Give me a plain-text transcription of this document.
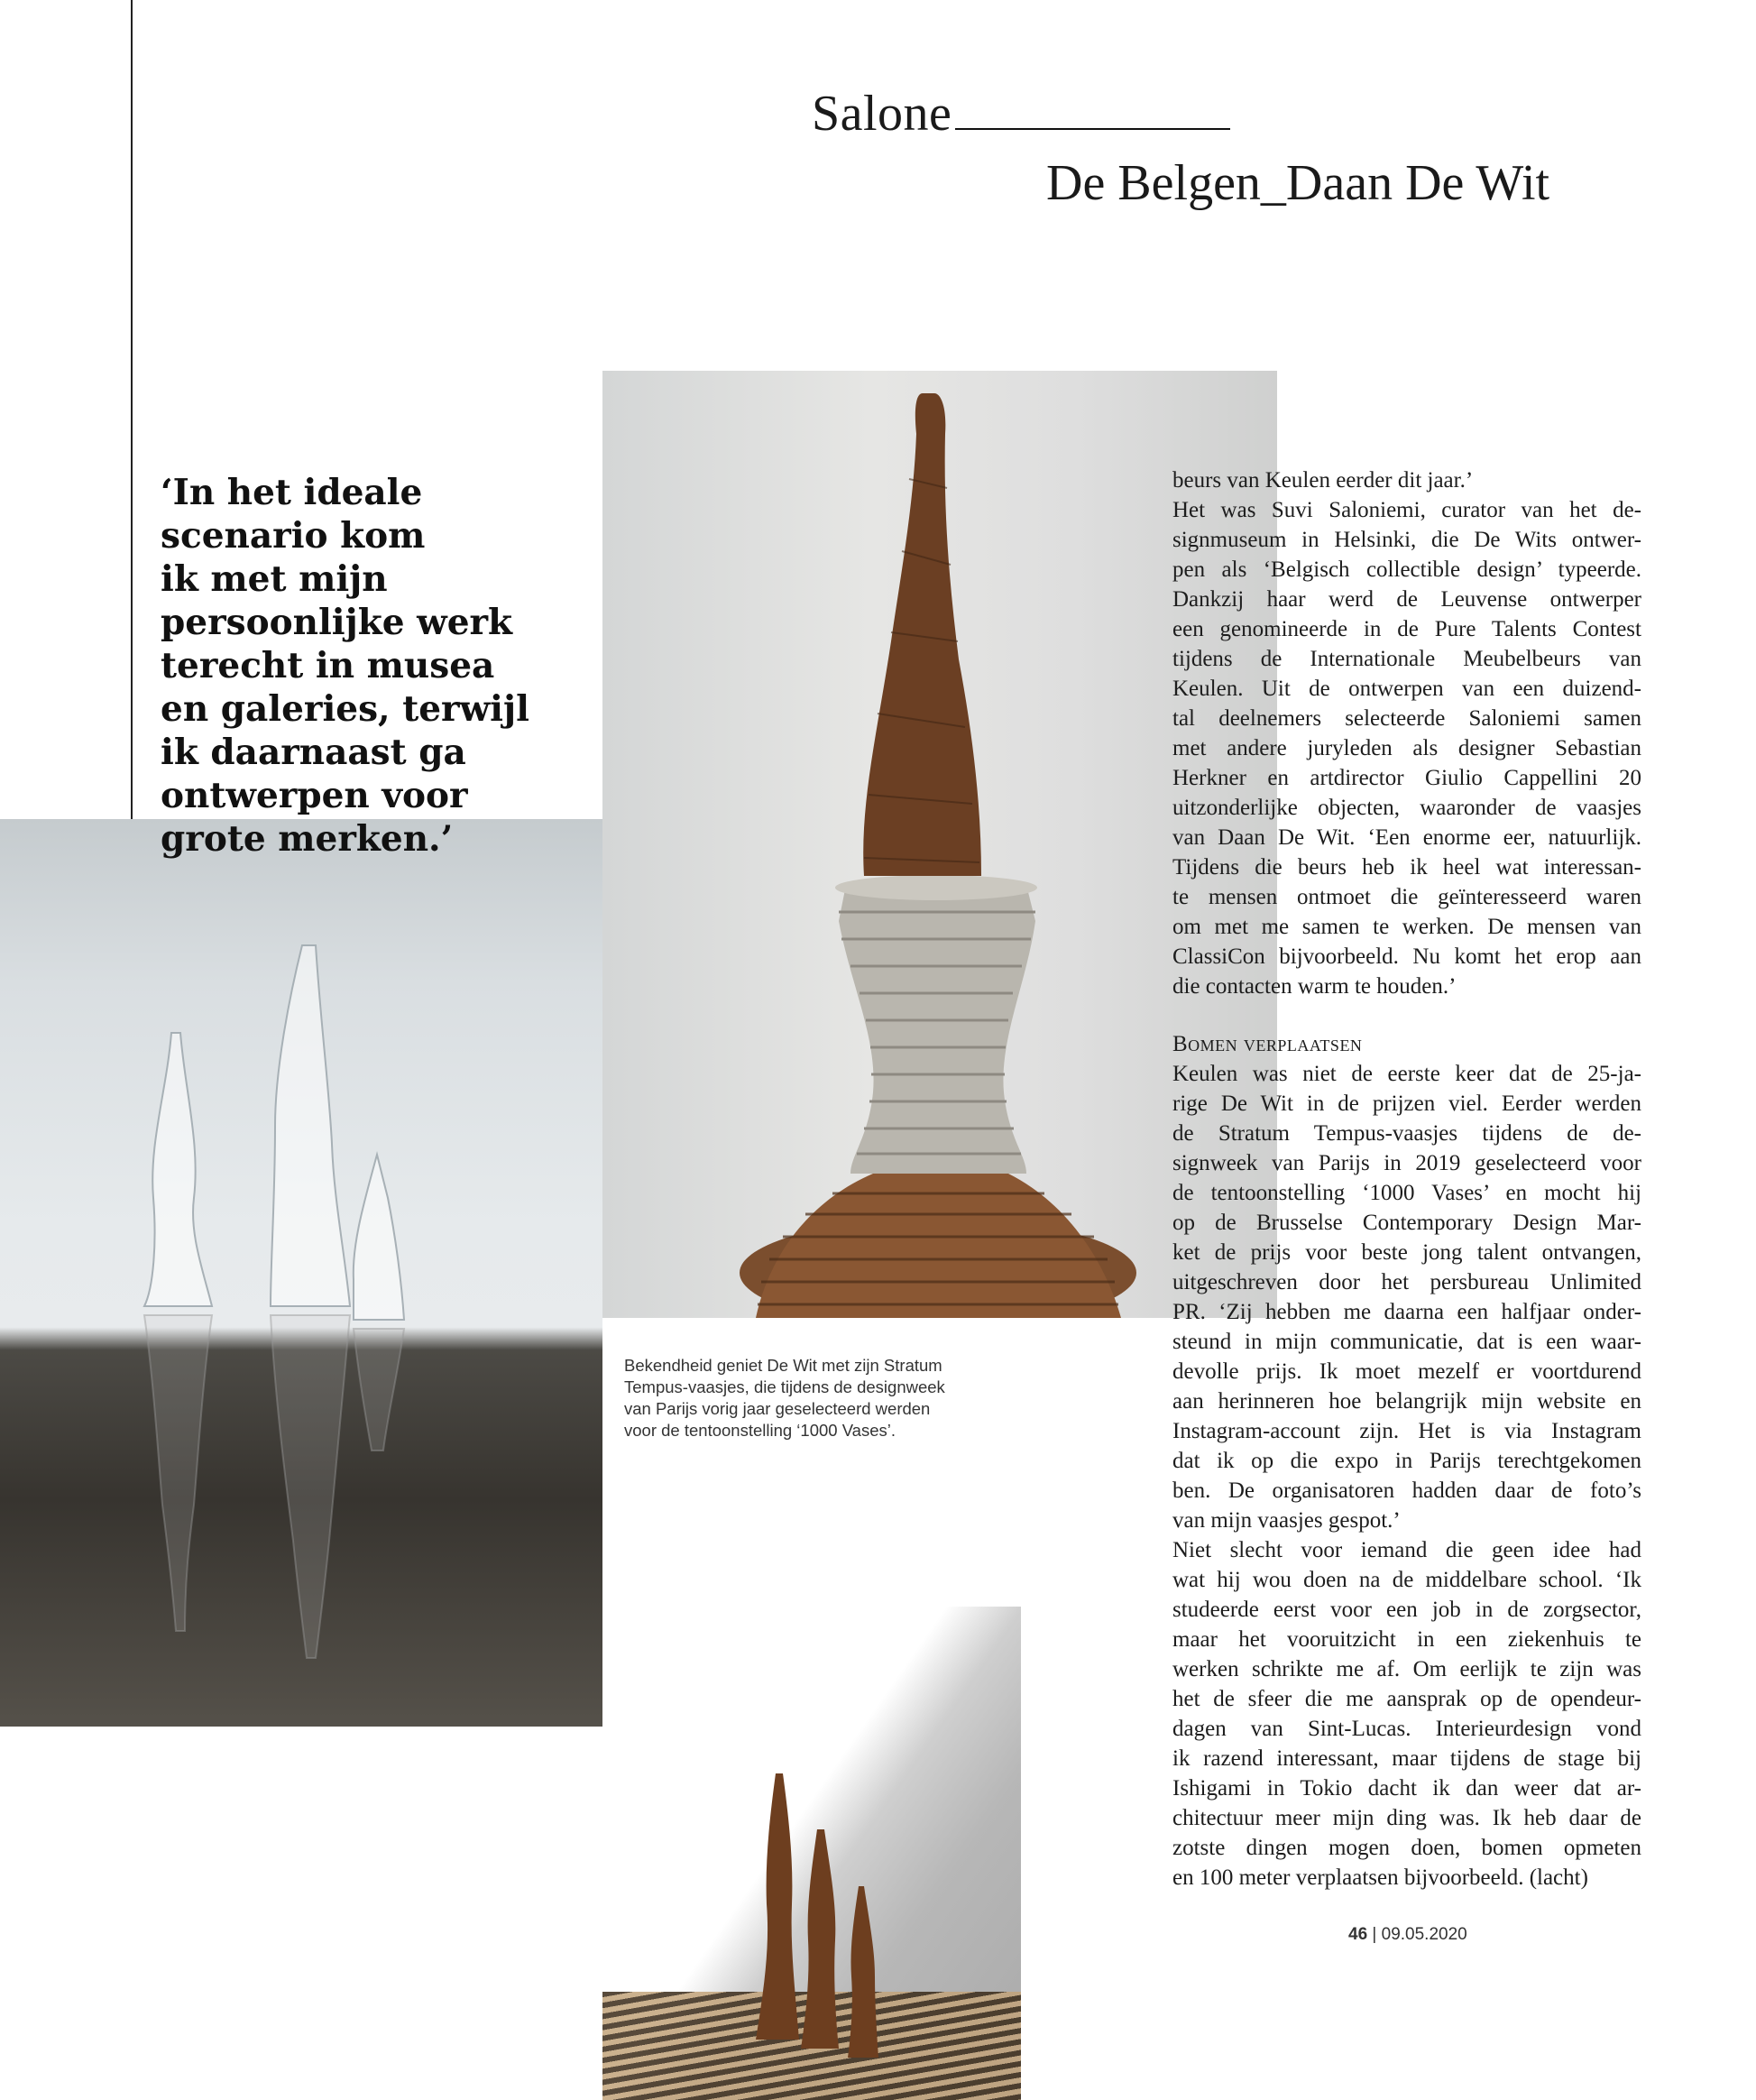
Salone
De Belgen_Daan De Wit
‘In het ideale
scenario kom
ik met mijn
persoonlijke werk
terecht in musea
en galeries, terwijl
ik daarnaast ga
ontwerpen voor
grote merken.’
Bekendheid geniet De Wit met zijn Stratum
Tempus-vaasjes, die tijdens de designweek
van Parijs vorig jaar geselecteerd werden
voor de tentoonstelling ‘1000 Vases’.
beurs van Keulen eerder dit jaar.’
Het was Suvi Saloniemi, curator van het de-
signmuseum in Helsinki, die De Wits ontwer-
pen als ‘Belgisch collectible design’ typeerde.
Dankzij haar werd de Leuvense ontwerper
een genomineerde in de Pure Talents Contest
tijdens de Internationale Meubelbeurs van
Keulen. Uit de ontwerpen van een duizend-
tal deelnemers selecteerde Saloniemi samen
met andere juryleden als designer Sebastian
Herkner en artdirector Giulio Cappellini 20
uitzonderlijke objecten, waaronder de vaasjes
van Daan De Wit. ‘Een enorme eer, natuurlijk.
Tijdens die beurs heb ik heel wat interessan-
te mensen ontmoet die geïnteresseerd waren
om met me samen te werken. De mensen van
ClassiCon bijvoorbeeld. Nu komt het erop aan
die contacten warm te houden.’
Bomen verplaatsen
Keulen was niet de eerste keer dat de 25-ja-
rige De Wit in de prijzen viel. Eerder werden
de Stratum Tempus-vaasjes tijdens de de-
signweek van Parijs in 2019 geselecteerd voor
de tentoonstelling ‘1000 Vases’ en mocht hij
op de Brusselse Contemporary Design Mar-
ket de prijs voor beste jong talent ontvangen,
uitgeschreven door het persbureau Unlimited
PR. ‘Zij hebben me daarna een halfjaar onder-
steund in mijn communicatie, dat is een waar-
devolle prijs. Ik moet mezelf er voortdurend
aan herinneren hoe belangrijk mijn website en
Instagram-account zijn. Het is via Instagram
dat ik op die expo in Parijs terechtgekomen
ben. De organisatoren hadden daar de foto’s
van mijn vaasjes gespot.’
Niet slecht voor iemand die geen idee had
wat hij wou doen na de middelbare school. ‘Ik
studeerde eerst voor een job in de zorgsector,
maar het vooruitzicht in een ziekenhuis te
werken schrikte me af. Om eerlijk te zijn was
het de sfeer die me aansprak op de opendeur-
dagen van Sint-Lucas. Interieurdesign vond
ik razend interessant, maar tijdens de stage bij
Ishigami in Tokio dacht ik dan weer dat ar-
chitectuur meer mijn ding was. Ik heb daar de
zotste dingen mogen doen, bomen opmeten
en 100 meter verplaatsen bijvoorbeeld. (lacht)
46 | 09.05.2020
